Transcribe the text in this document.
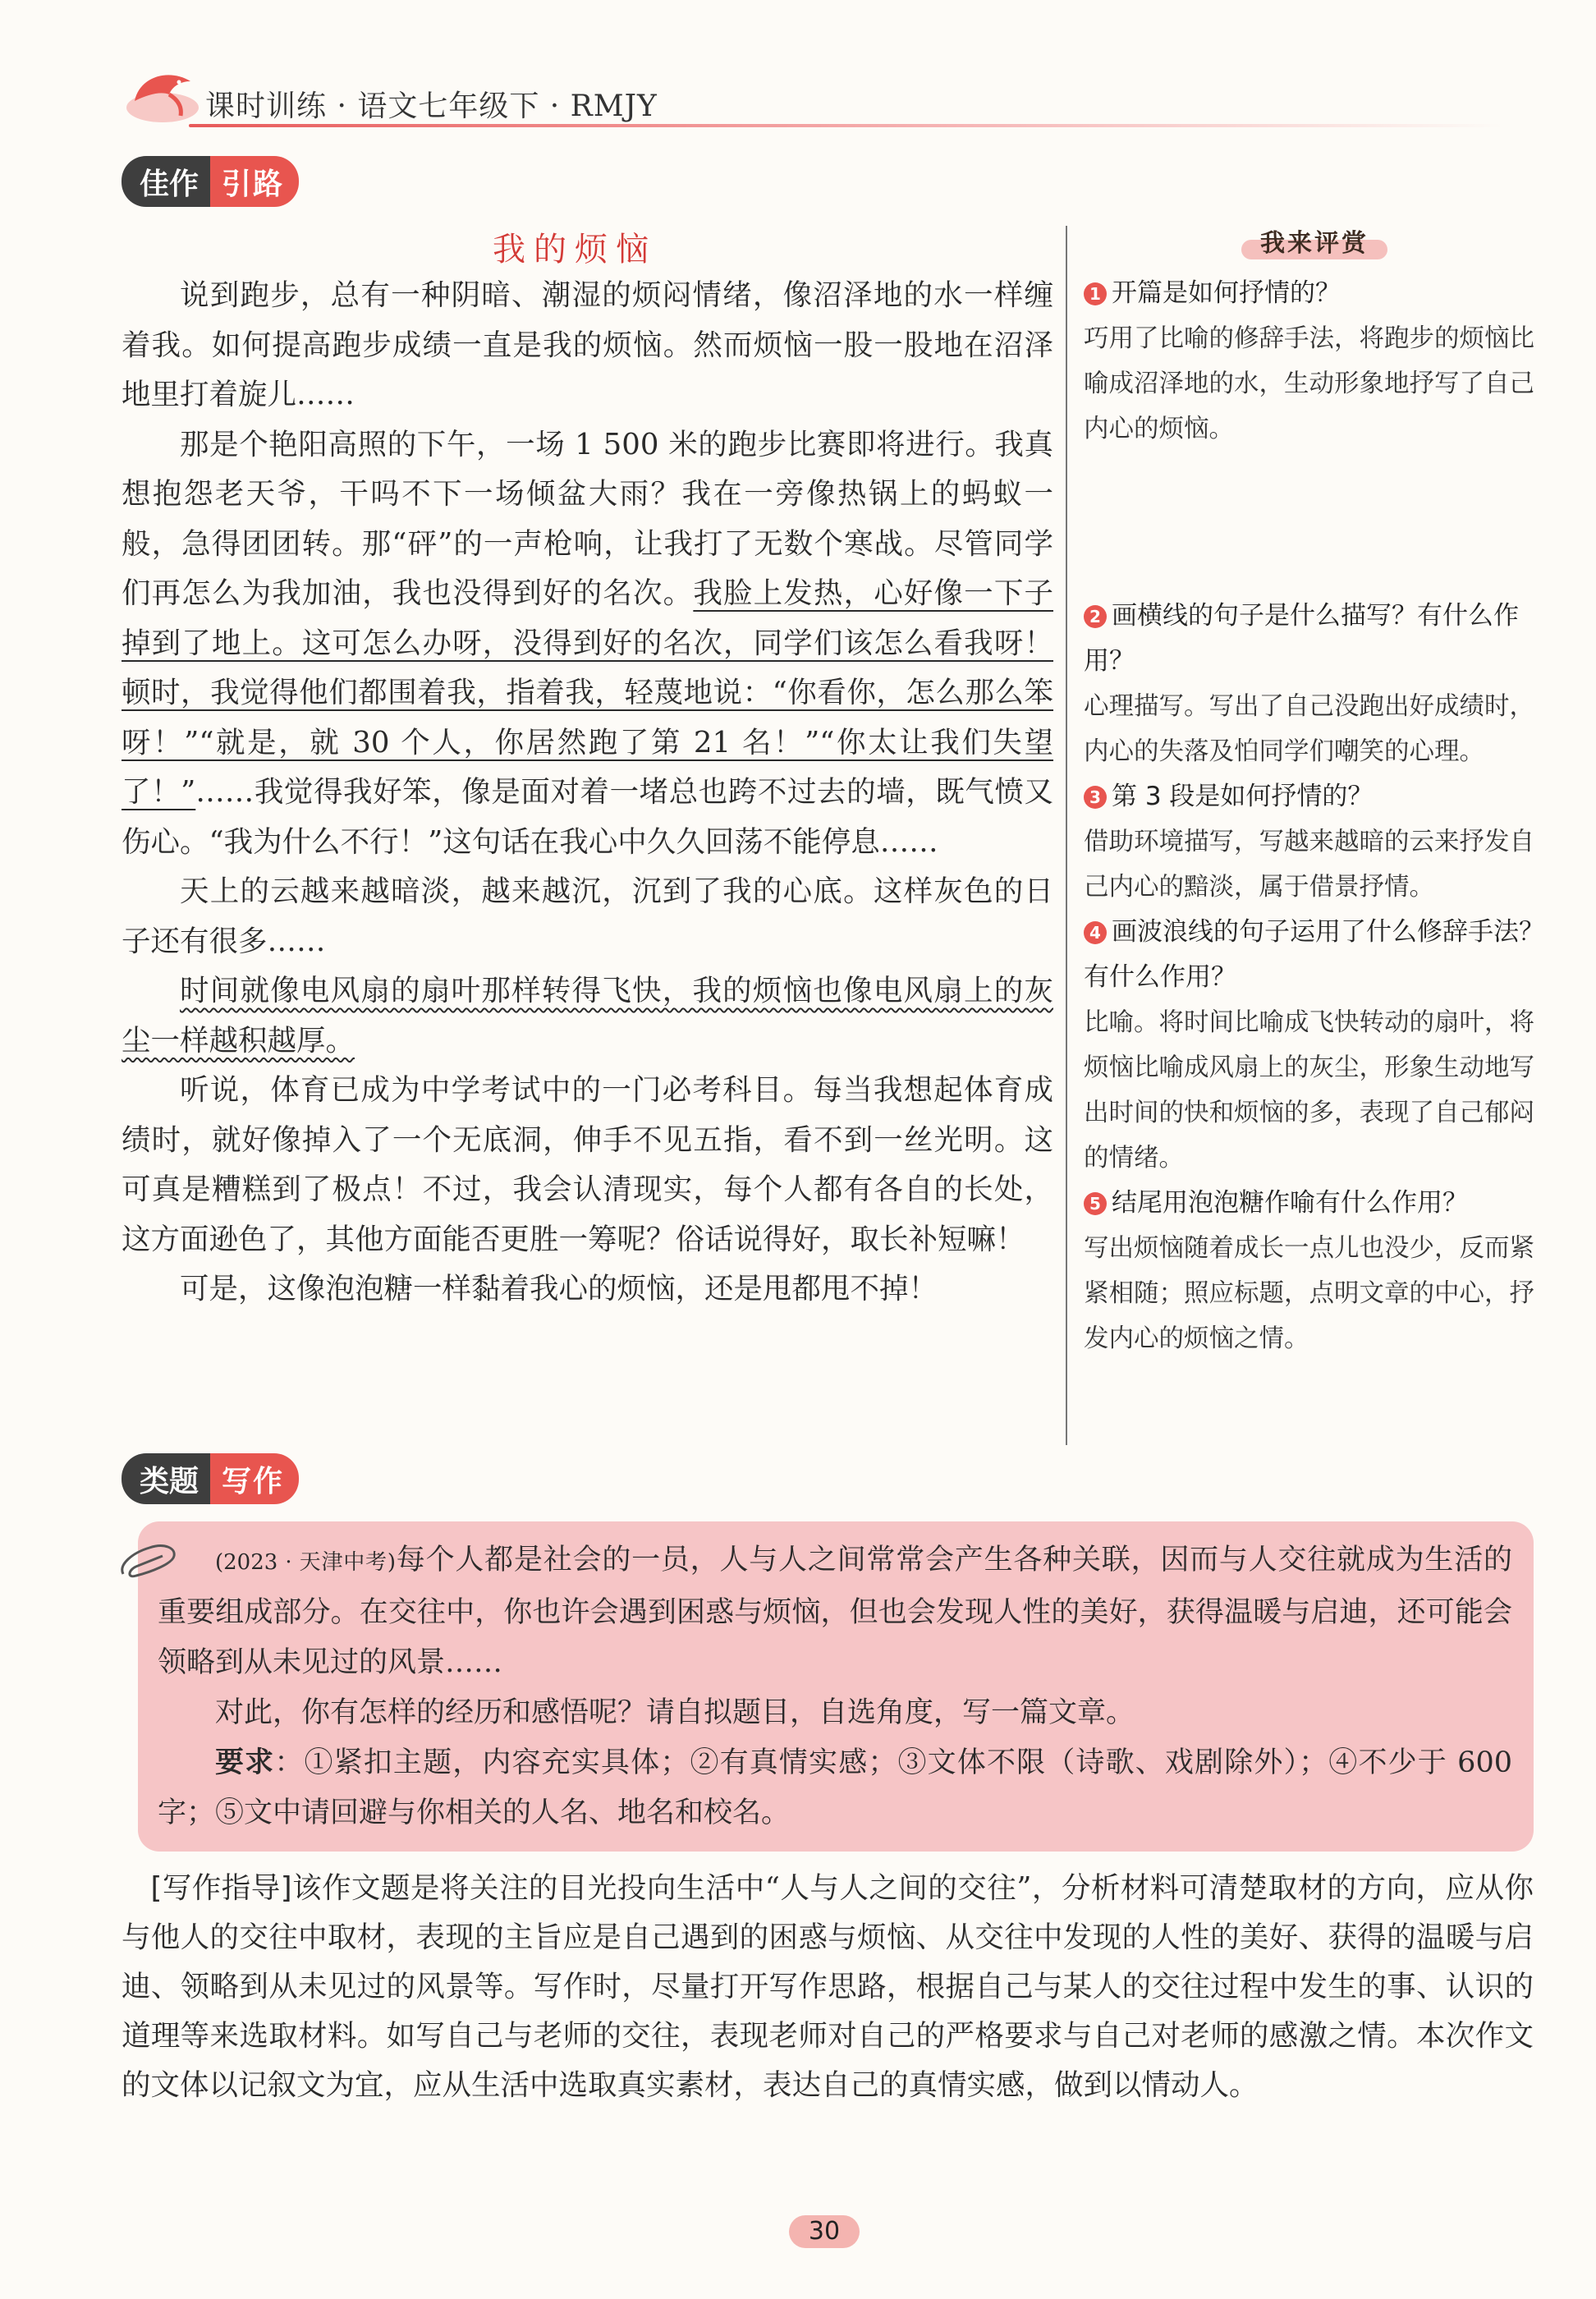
课时训练 · 语文七年级下 · RMJY
佳作 引路
我的烦恼

说到跑步，总有一种阴暗、潮湿的烦闷情绪，像沼泽地的水一样缠着我。如何提高跑步成绩一直是我的烦恼。然而烦恼一股一股地在沼泽地里打着旋儿……

那是个艳阳高照的下午，一场 1 500 米的跑步比赛即将进行。我真想抱怨老天爷，干吗不下一场倾盆大雨？我在一旁像热锅上的蚂蚁一般，急得团团转。那“砰”的一声枪响，让我打了无数个寒战。尽管同学们再怎么为我加油，我也没得到好的名次。我脸上发热，心好像一下子掉到了地上。这可怎么办呀，没得到好的名次，同学们该怎么看我呀！顿时，我觉得他们都围着我，指着我，轻蔑地说：“你看你，怎么那么笨呀！”“就是，就 30 个人，你居然跑了第 21 名！”“你太让我们失望了！”……我觉得我好笨，像是面对着一堵总也跨不过去的墙，既气愤又伤心。“我为什么不行！”这句话在我心中久久回荡不能停息……

天上的云越来越暗淡，越来越沉，沉到了我的心底。这样灰色的日子还有很多……

时间就像电风扇的扇叶那样转得飞快，我的烦恼也像电风扇上的灰尘一样越积越厚。

听说，体育已成为中学考试中的一门必考科目。每当我想起体育成绩时，就好像掉入了一个无底洞，伸手不见五指，看不到一丝光明。这可真是糟糕到了极点！不过，我会认清现实，每个人都有各自的长处，这方面逊色了，其他方面能否更胜一筹呢？俗话说得好，取长补短嘛！

可是，这像泡泡糖一样黏着我心的烦恼，还是甩都甩不掉！

我来评赏

1 开篇是如何抒情的？

巧用了比喻的修辞手法，将跑步的烦恼比喻成沼泽地的水，生动形象地抒写了自己内心的烦恼。

2 画横线的句子是什么描写？有什么作用？

心理描写。写出了自己没跑出好成绩时，内心的失落及怕同学们嘲笑的心理。

3 第 3 段是如何抒情的？

借助环境描写，写越来越暗的云来抒发自己内心的黯淡，属于借景抒情。

4 画波浪线的句子运用了什么修辞手法？有什么作用？

比喻。将时间比喻成飞快转动的扇叶，将烦恼比喻成风扇上的灰尘，形象生动地写出时间的快和烦恼的多，表现了自己郁闷的情绪。

5 结尾用泡泡糖作喻有什么作用？

写出烦恼随着成长一点儿也没少，反而紧紧相随；照应标题，点明文章的中心，抒发内心的烦恼之情。

类题 写作

(2023 · 天津中考)每个人都是社会的一员，人与人之间常常会产生各种关联，因而与人交往就成为生活的重要组成部分。在交往中，你也许会遇到困惑与烦恼，但也会发现人性的美好，获得温暖与启迪，还可能会领略到从未见过的风景……

对此，你有怎样的经历和感悟呢？请自拟题目，自选角度，写一篇文章。

要求：①紧扣主题，内容充实具体；②有真情实感；③文体不限（诗歌、戏剧除外）；④不少于 600 字；⑤文中请回避与你相关的人名、地名和校名。

[写作指导]该作文题是将关注的目光投向生活中“人与人之间的交往”，分析材料可清楚取材的方向，应从你与他人的交往中取材，表现的主旨应是自己遇到的困惑与烦恼、从交往中发现的人性的美好、获得的温暖与启迪、领略到从未见过的风景等。写作时，尽量打开写作思路，根据自己与某人的交往过程中发生的事、认识的道理等来选取材料。如写自己与老师的交往，表现老师对自己的严格要求与自己对老师的感激之情。本次作文的文体以记叙文为宜，应从生活中选取真实素材，表达自己的真情实感，做到以情动人。

30
